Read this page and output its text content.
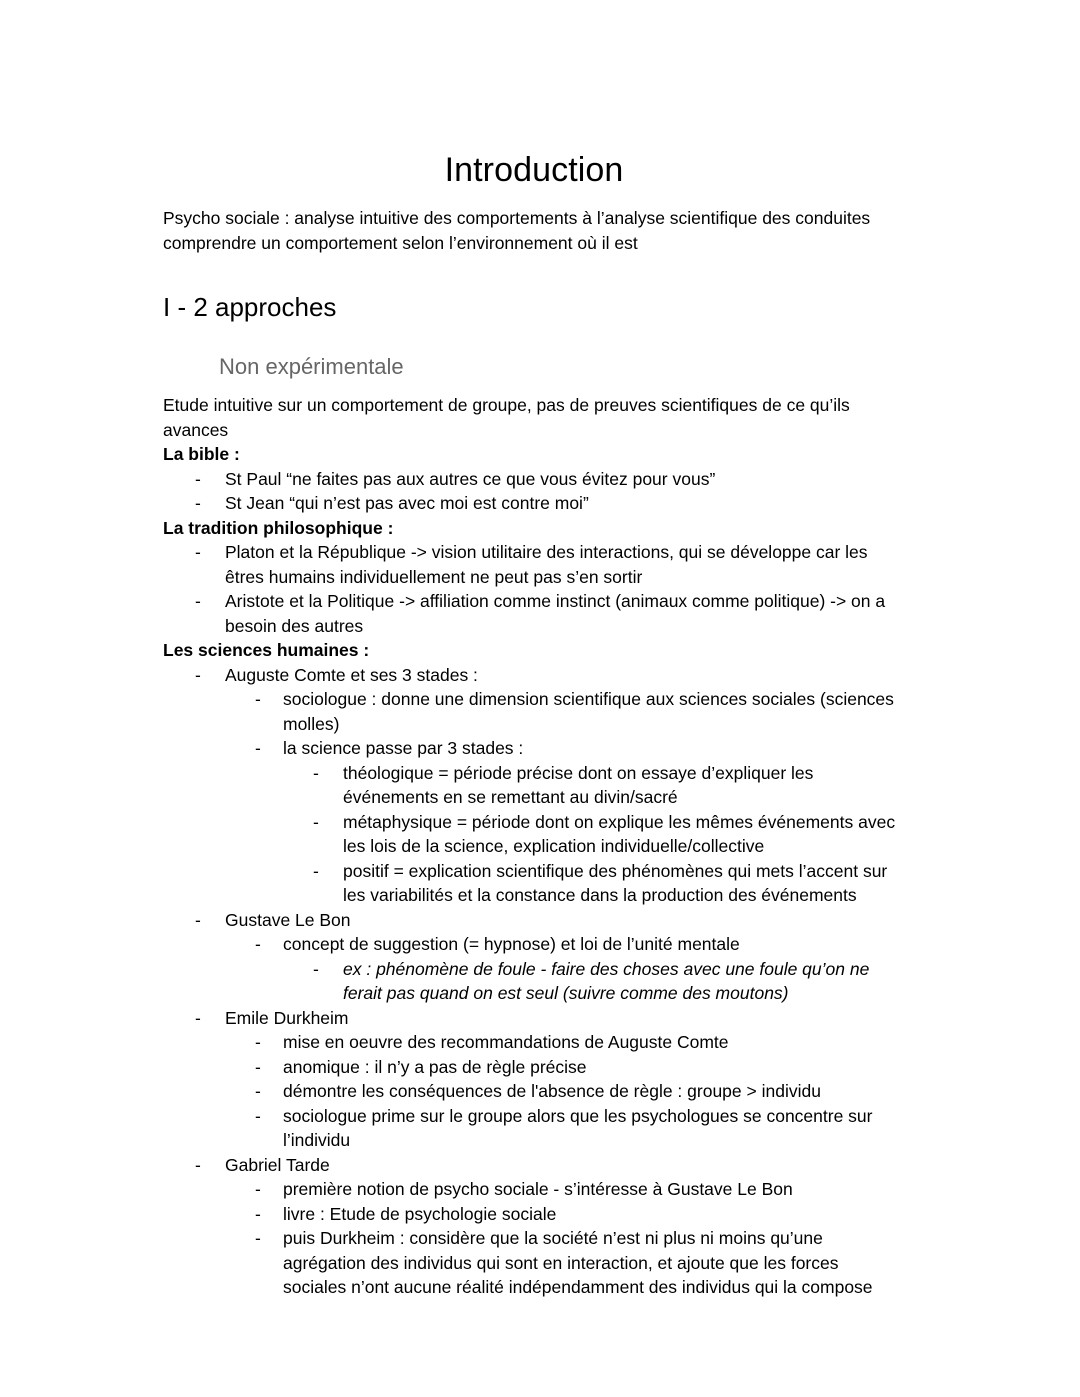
Introduction

Psycho sociale : analyse intuitive des comportements à l’analyse scientifique des conduites comprendre un comportement selon l’environnement où il est

I - 2 approches
Non expérimentale

Etude intuitive sur un comportement de groupe, pas de preuves scientifiques de ce qu’ils avances

La bible :

- St Paul “ne faites pas aux autres ce que vous évitez pour vous”
- St Jean “qui n’est pas avec moi est contre moi”

La tradition philosophique :

- Platon et la République -> vision utilitaire des interactions, qui se développe car les êtres humains individuellement ne peut pas s’en sortir
- Aristote et la Politique -> affiliation comme instinct (animaux comme politique) -> on a besoin des autres

Les sciences humaines :

- Auguste Comte et ses 3 stades :
- sociologue : donne une dimension scientifique aux sciences sociales (sciences molles)
- la science passe par 3 stades :
- théologique = période précise dont on essaye d’expliquer les événements en se remettant au divin/sacré
- métaphysique = période dont on explique les mêmes événements avec les lois de la science, explication individuelle/collective
- positif = explication scientifique des phénomènes qui mets l’accent sur les variabilités et la constance dans la production des événements
- Gustave Le Bon
- concept de suggestion (= hypnose) et loi de l’unité mentale
- ex : phénomène de foule - faire des choses avec une foule qu’on ne ferait pas quand on est seul (suivre comme des moutons)
- Emile Durkheim
- mise en oeuvre des recommandations de Auguste Comte
- anomique : il n’y a pas de règle précise
- démontre les conséquences de l'absence de règle : groupe > individu
- sociologue prime sur le groupe alors que les psychologues se concentre sur l’individu
- Gabriel Tarde
- première notion de psycho sociale - s’intéresse à Gustave Le Bon
- livre : Etude de psychologie sociale
- puis Durkheim : considère que la société n’est ni plus ni moins qu’une agrégation des individus qui sont en interaction, et ajoute que les forces sociales n’ont aucune réalité indépendamment des individus qui la compose
